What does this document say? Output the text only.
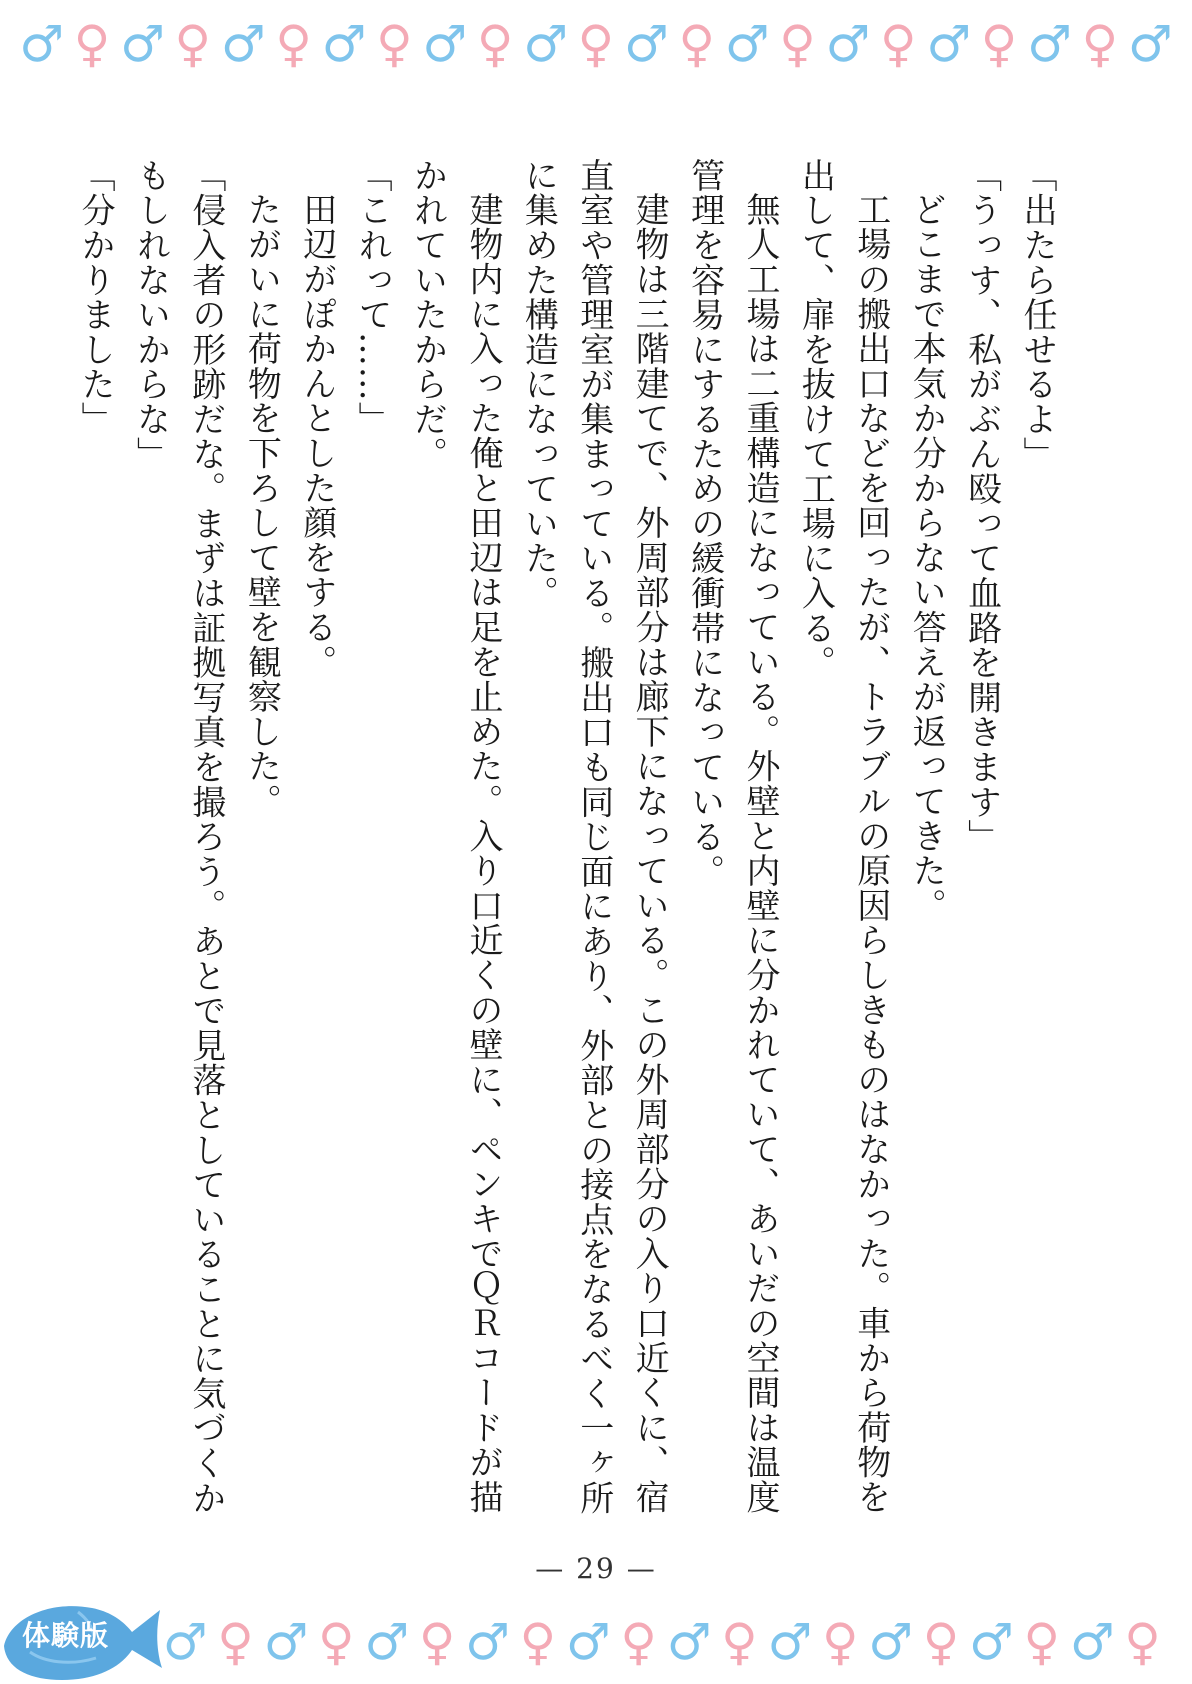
♂ ♀ ♂ ♀ ♂ ♀ ♂ ♀ ♂ ♀ ♂ ♀ ♂ ♀ ♂ ♀ ♂ ♀ ♂ ♀ ♂ ♀ ♂

「出たら任せるよ」

「うっす、私がぶん殴って血路を開きます」

どこまで本気か分からない答えが返ってきた。

工場の搬出口などを回ったが、トラブルの原因らしきものはなかった。車から荷物を出して、扉を抜けて工場に入る。

無人工場は二重構造になっている。外壁と内壁に分かれていて、あいだの空間は温度管理を容易にするための緩衝帯になっている。

建物は三階建てで、外周部分は廊下になっている。この外周部分の入り口近くに、宿直室や管理室が集まっている。搬出口も同じ面にあり、外部との接点をなるべく一ヶ所に集めた構造になっていた。

建物内に入った俺と田辺は足を止めた。入り口近くの壁に、ペンキでＱＲコードが描かれていたからだ。

「これって……」

田辺がぽかんとした顔をする。

たがいに荷物を下ろして壁を観察した。

「侵入者の形跡だな。まずは証拠写真を撮ろう。あとで見落としていることに気づくかもしれないからな」

「分かりました」

— 29 —
♂ ♀ ♂ ♀ ♂ ♀ ♂ ♀ ♂ ♀ ♂ ♀ ♂ ♀ ♂ ♀ ♂ ♀ ♂ ♀
体験版
